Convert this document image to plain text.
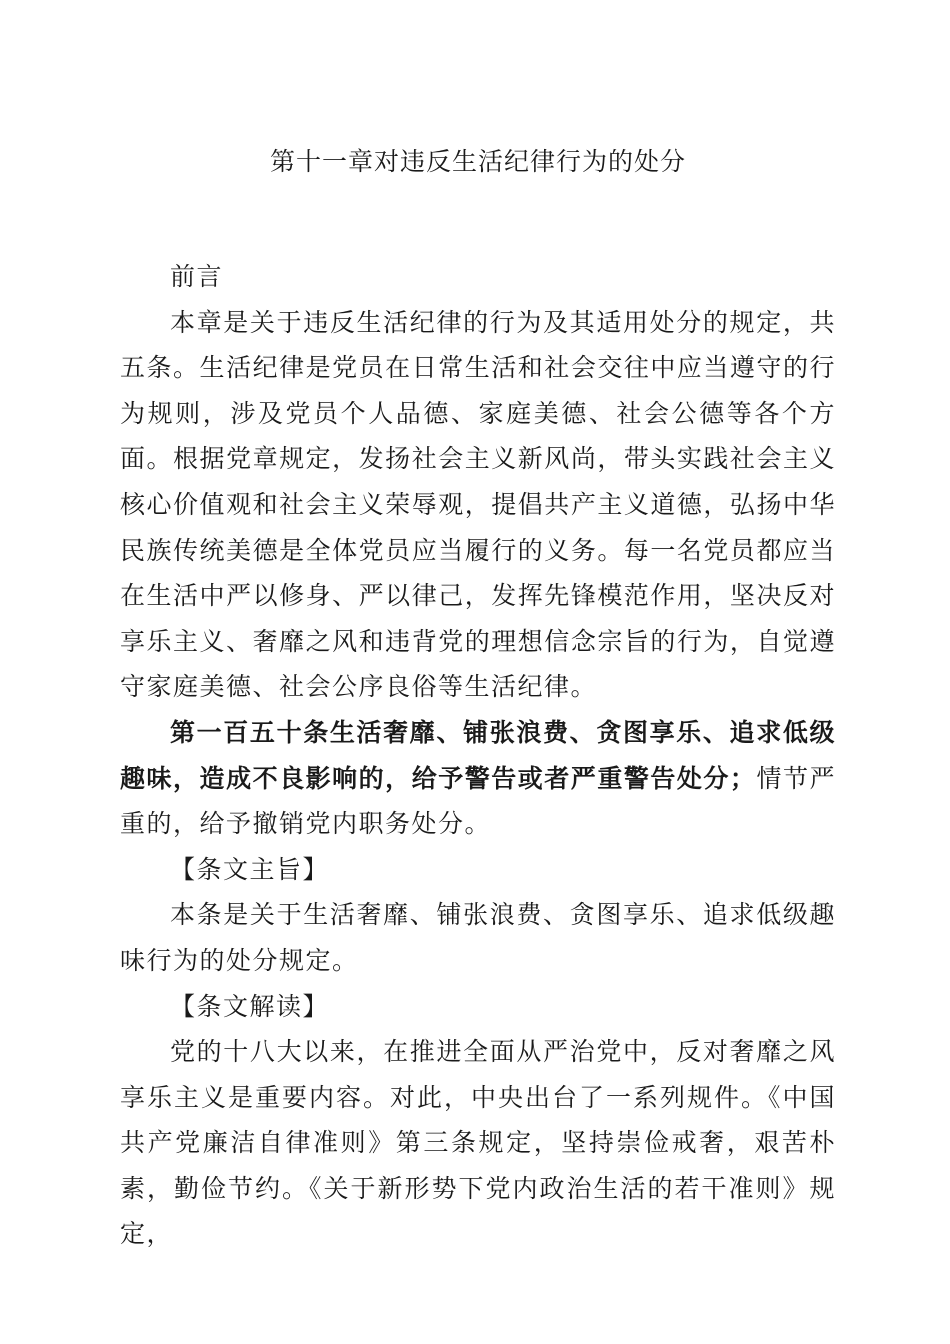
第十一章对违反生活纪律行为的处分

前言

本章是关于违反生活纪律的行为及其适用处分的规定，共五条。生活纪律是党员在日常生活和社会交往中应当遵守的行为规则，涉及党员个人品德、家庭美德、社会公德等各个方面。根据党章规定，发扬社会主义新风尚，带头实践社会主义核心价值观和社会主义荣辱观，提倡共产主义道德，弘扬中华民族传统美德是全体党员应当履行的义务。每一名党员都应当在生活中严以修身、严以律己，发挥先锋模范作用，坚决反对享乐主义、奢靡之风和违背党的理想信念宗旨的行为，自觉遵守家庭美德、社会公序良俗等生活纪律。

第一百五十条生活奢靡、铺张浪费、贪图享乐、追求低级趣味，造成不良影响的，给予警告或者严重警告处分；情节严重的，给予撤销党内职务处分。

【条文主旨】

本条是关于生活奢靡、铺张浪费、贪图享乐、追求低级趣味行为的处分规定。

【条文解读】

党的十八大以来，在推进全面从严治党中，反对奢靡之风享乐主义是重要内容。对此，中央出台了一系列规件。《中国共产党廉洁自律准则》第三条规定，坚持崇俭戒奢，艰苦朴素，勤俭节约。《关于新形势下党内政治生活的若干准则》规定，
